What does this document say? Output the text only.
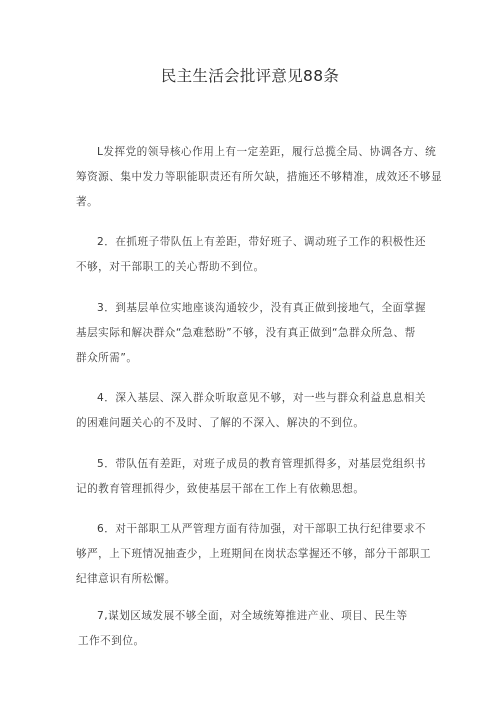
民主生活会批评意见88条
L发挥党的领导核心作用上有一定差距，履行总揽全局、协调各方、统
筹资源、集中发力等职能职责还有所欠缺，措施还不够精准，成效还不够显
著。
2．在抓班子带队伍上有差距，带好班子、调动班子工作的积极性还
不够，对干部职工的关心帮助不到位。
3．到基层单位实地座谈沟通较少，没有真正做到接地气，全面掌握
基层实际和解决群众“急难愁盼”不够，没有真正做到“急群众所急、帮
群众所需”。
4．深入基层、深入群众听取意见不够，对一些与群众利益息息相关
的困难问题关心的不及时、了解的不深入、解决的不到位。
5．带队伍有差距，对班子成员的教育管理抓得多，对基层党组织书
记的教育管理抓得少，致使基层干部在工作上有依赖思想。
6．对干部职工从严管理方面有待加强，对干部职工执行纪律要求不
够严，上下班情况抽查少，上班期间在岗状态掌握还不够，部分干部职工
纪律意识有所松懈。
7,谋划区域发展不够全面，对全域统筹推进产业、项目、民生等
工作不到位。
